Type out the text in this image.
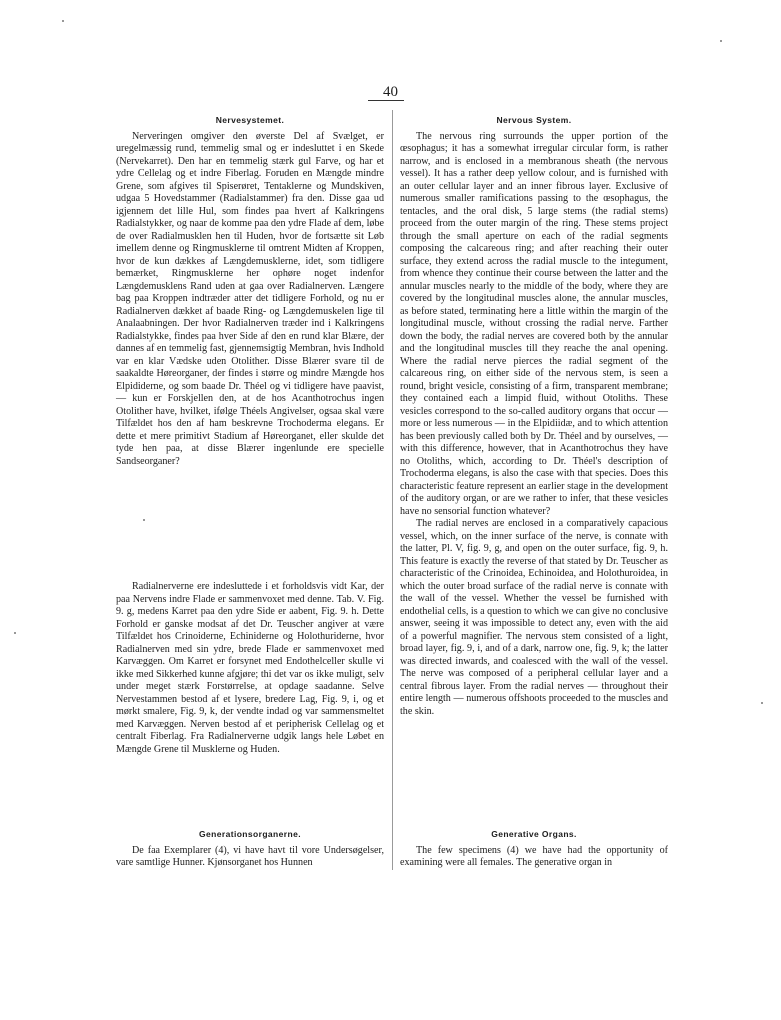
40
Nervesystemet.

Nerveringen omgiver den øverste Del af Svælget, er uregelmæssig rund, temmelig smal og er indesluttet i en Skede (Nervekarret). Den har en temmelig stærk gul Farve, og har et ydre Cellelag og et indre Fiberlag. Foruden en Mængde mindre Grene, som afgives til Spiserøret, Tentaklerne og Mundskiven, udgaa 5 Hovedstammer (Radialstammer) fra den. Disse gaa ud igjennem det lille Hul, som findes paa hvert af Kalkringens Radialstykker, og naar de komme paa den ydre Flade af dem, løbe de over Radialmusklen hen til Huden, hvor de fortsætte sit Løb imellem denne og Ringmusklerne til omtrent Midten af Kroppen, hvor de kun dækkes af Længdemusklerne, idet, som tidligere bemærket, Ringmusklerne her ophøre noget indenfor Længdemusklens Rand uden at gaa over Radialnerven. Længere bag paa Kroppen indtræder atter det tidligere Forhold, og nu er Radialnerven dækket af baade Ring- og Længdemuskelen lige til Analaabningen. Der hvor Radialnerven træder ind i Kalkringens Radialstykke, findes paa hver Side af den en rund klar Blære, der dannes af en temmelig fast, gjennemsigtig Membran, hvis Indhold var en klar Vædske uden Otolither. Disse Blærer svare til de saakaldte Høreorganer, der findes i større og mindre Mængde hos Elpididerne, og som baade Dr. Théel og vi tidligere have paavist, — kun er Forskjellen den, at de hos Acanthotrochus ingen Otolither have, hvilket, ifølge Théels Angivelser, ogsaa skal være Tilfældet hos den af ham beskrevne Trochoderma elegans. Er dette et mere primitivt Stadium af Høreorganet, eller skulde det tyde hen paa, at disse Blærer ingenlunde ere specielle Sandseorganer?

Radialnerverne ere indesluttede i et forholdsvis vidt Kar, der paa Nervens indre Flade er sammenvoxet med denne. Tab. V. Fig. 9. g, medens Karret paa den ydre Side er aabent, Fig. 9. h. Dette Forhold er ganske modsat af det Dr. Teuscher angiver at være Tilfældet hos Crinoiderne, Echiniderne og Holothuriderne, hvor Radialnerven med sin ydre, brede Flade er sammenvoxet med Karvæggen. Om Karret er forsynet med Endothelceller skulle vi ikke med Sikkerhed kunne afgjøre; thi det var os ikke muligt, selv under meget stærk Forstørrelse, at opdage saadanne. Selve Nervestammen bestod af et lysere, bredere Lag, Fig. 9, i, og et mørkt smalere, Fig. 9, k, der vendte indad og var sammensmeltet med Karvæggen. Nerven bestod af et peripherisk Cellelag og et centralt Fiberlag. Fra Radialnerverne udgik langs hele Løbet en Mængde Grene til Musklerne og Huden.

Generationsorganerne.

De faa Exemplarer (4), vi have havt til vore Undersøgelser, vare samtlige Hunner. Kjønsorganet hos Hunnen

Nervous System.

The nervous ring surrounds the upper portion of the œsophagus; it has a somewhat irregular circular form, is rather narrow, and is enclosed in a membranous sheath (the nervous vessel). It has a rather deep yellow colour, and is furnished with an outer cellular layer and an inner fibrous layer. Exclusive of numerous smaller ramifications passing to the œsophagus, the tentacles, and the oral disk, 5 large stems (the radial stems) proceed from the outer margin of the ring. These stems project through the small aperture on each of the radial segments composing the calcareous ring; and after reaching their outer surface, they extend across the radial muscle to the integument, from whence they continue their course between the latter and the annular muscles nearly to the middle of the body, where they are covered by the longitudinal muscles alone, the annular muscles, as before stated, terminating here a little within the margin of the longitudinal muscle, without crossing the radial nerve. Farther down the body, the radial nerves are covered both by the annular and the longitudinal muscles till they reache the anal opening. Where the radial nerve pierces the radial segment of the calcareous ring, on either side of the nervous stem, is seen a round, bright vesicle, consisting of a firm, transparent membrane; they contained each a limpid fluid, without Otoliths. These vesicles correspond to the so-called auditory organs that occur — more or less numerous — in the Elpidiidæ, and to which attention has been previously called both by Dr. Théel and by ourselves, — with this difference, however, that in Acanthotrochus they have no Otoliths, which, according to Dr. Théel's description of Trochoderma elegans, is also the case with that species. Does this characteristic feature represent an earlier stage in the development of the auditory organ, or are we rather to infer, that these vesicles have no sensorial function whatever?

The radial nerves are enclosed in a comparatively capacious vessel, which, on the inner surface of the nerve, is connate with the latter, Pl. V, fig. 9, g, and open on the outer surface, fig. 9, h. This feature is exactly the reverse of that stated by Dr. Teuscher as characteristic of the Crinoidea, Echinoidea, and Holothuroidea, in which the outer broad surface of the radial nerve is connate with the wall of the vessel. Whether the vessel be furnished with endothelial cells, is a question to which we can give no conclusive answer, seeing it was impossible to detect any, even with the aid of a powerful magnifier. The nervous stem consisted of a light, broad layer, fig. 9, i, and of a dark, narrow one, fig. 9, k; the latter was directed inwards, and coalesced with the wall of the vessel. The nerve was composed of a peripheral cellular layer and a central fibrous layer. From the radial nerves — throughout their entire length — numerous offshoots proceeded to the muscles and the skin.

Generative Organs.

The few specimens (4) we have had the opportunity of examining were all females. The generative organ in
